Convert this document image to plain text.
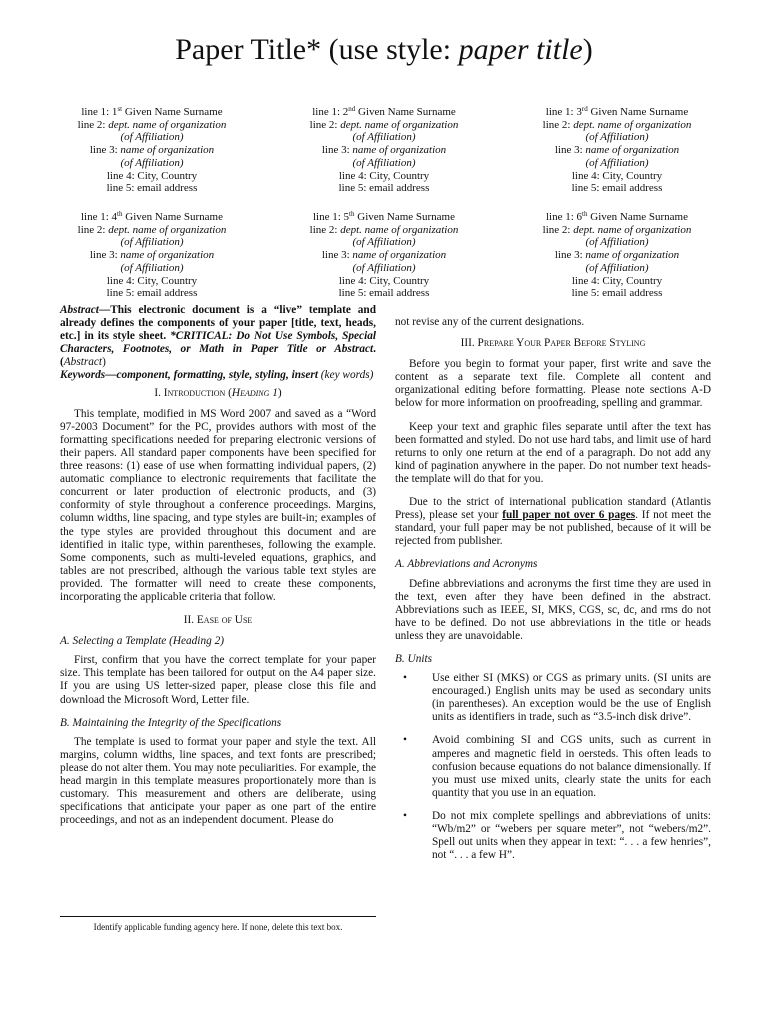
Paper Title* (use style: paper title)
line 1: 1st Given Name Surname
line 2: dept. name of organization
(of Affiliation)
line 3: name of organization
(of Affiliation)
line 4: City, Country
line 5: email address
line 1: 2nd Given Name Surname
line 2: dept. name of organization
(of Affiliation)
line 3: name of organization
(of Affiliation)
line 4: City, Country
line 5: email address
line 1: 3rd Given Name Surname
line 2: dept. name of organization
(of Affiliation)
line 3: name of organization
(of Affiliation)
line 4: City, Country
line 5: email address
line 1: 4th Given Name Surname
line 2: dept. name of organization
(of Affiliation)
line 3: name of organization
(of Affiliation)
line 4: City, Country
line 5: email address
line 1: 5th Given Name Surname
line 2: dept. name of organization
(of Affiliation)
line 3: name of organization
(of Affiliation)
line 4: City, Country
line 5: email address
line 1: 6th Given Name Surname
line 2: dept. name of organization
(of Affiliation)
line 3: name of organization
(of Affiliation)
line 4: City, Country
line 5: email address

Abstract—This electronic document is a “live” template and already defines the components of your paper [title, text, heads, etc.] in its style sheet. *CRITICAL: Do Not Use Symbols, Special Characters, Footnotes, or Math in Paper Title or Abstract. (Abstract)

Keywords—component, formatting, style, styling, insert (key words)

I. Introduction (Heading 1)

This template, modified in MS Word 2007 and saved as a “Word 97-2003 Document” for the PC, provides authors with most of the formatting specifications needed for preparing electronic versions of their papers. All standard paper components have been specified for three reasons: (1) ease of use when formatting individual papers, (2) automatic compliance to electronic requirements that facilitate the concurrent or later production of electronic products, and (3) conformity of style throughout a conference proceedings. Margins, column widths, line spacing, and type styles are built-in; examples of the type styles are provided throughout this document and are identified in italic type, within parentheses, following the example. Some components, such as multi-leveled equations, graphics, and tables are not prescribed, although the various table text styles are provided. The formatter will need to create these components, incorporating the applicable criteria that follow.

II. Ease of Use
A. Selecting a Template (Heading 2)

First, confirm that you have the correct template for your paper size. This template has been tailored for output on the A4 paper size. If you are using US letter-sized paper, please close this file and download the Microsoft Word, Letter file.

B. Maintaining the Integrity of the Specifications

The template is used to format your paper and style the text. All margins, column widths, line spaces, and text fonts are prescribed; please do not alter them. You may note peculiarities. For example, the head margin in this template measures proportionately more than is customary. This measurement and others are deliberate, using specifications that anticipate your paper as one part of the entire proceedings, and not as an independent document. Please do

not revise any of the current designations.

III. Prepare Your Paper Before Styling

Before you begin to format your paper, first write and save the content as a separate text file. Complete all content and organizational editing before formatting. Please note sections A-D below for more information on proofreading, spelling and grammar.

Keep your text and graphic files separate until after the text has been formatted and styled. Do not use hard tabs, and limit use of hard returns to only one return at the end of a paragraph. Do not add any kind of pagination anywhere in the paper. Do not number text heads-the template will do that for you.

Due to the strict of international publication standard (Atlantis Press), please set your full paper not over 6 pages. If not meet the standard, your full paper may be not published, because of it will be rejected from publisher.

A. Abbreviations and Acronyms

Define abbreviations and acronyms the first time they are used in the text, even after they have been defined in the abstract. Abbreviations such as IEEE, SI, MKS, CGS, sc, dc, and rms do not have to be defined. Do not use abbreviations in the title or heads unless they are unavoidable.

B. Units
• Use either SI (MKS) or CGS as primary units. (SI units are encouraged.) English units may be used as secondary units (in parentheses). An exception would be the use of English units as identifiers in trade, such as “3.5-inch disk drive”.
• Avoid combining SI and CGS units, such as current in amperes and magnetic field in oersteds. This often leads to confusion because equations do not balance dimensionally. If you must use mixed units, clearly state the units for each quantity that you use in an equation.
• Do not mix complete spellings and abbreviations of units: “Wb/m2” or “webers per square meter”, not “webers/m2”. Spell out units when they appear in text: “. . . a few henries”, not “. . . a few H”.
Identify applicable funding agency here. If none, delete this text box.
